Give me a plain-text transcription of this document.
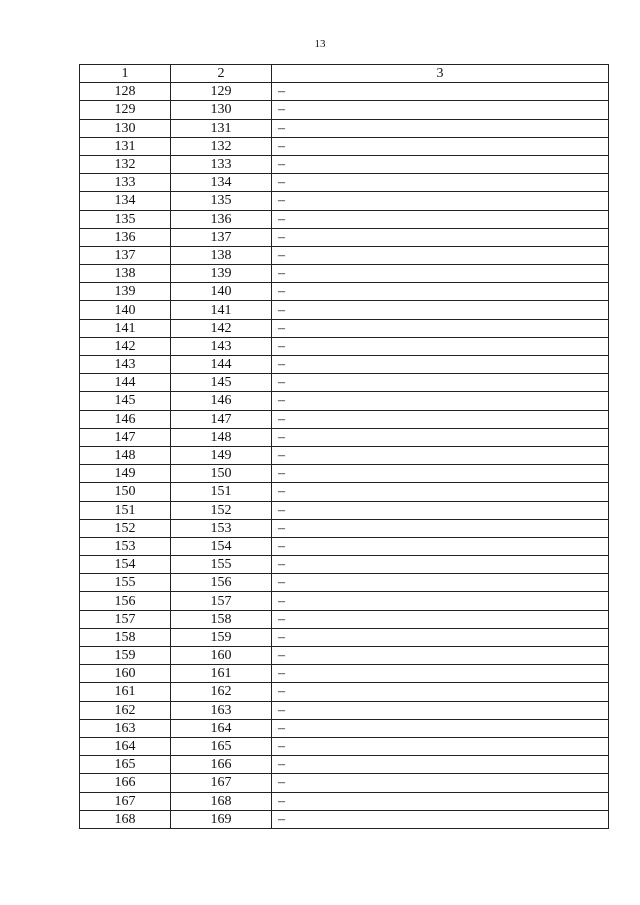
13
1	2	3
128	129	–
129	130	–
130	131	–
131	132	–
132	133	–
133	134	–
134	135	–
135	136	–
136	137	–
137	138	–
138	139	–
139	140	–
140	141	–
141	142	–
142	143	–
143	144	–
144	145	–
145	146	–
146	147	–
147	148	–
148	149	–
149	150	–
150	151	–
151	152	–
152	153	–
153	154	–
154	155	–
155	156	–
156	157	–
157	158	–
158	159	–
159	160	–
160	161	–
161	162	–
162	163	–
163	164	–
164	165	–
165	166	–
166	167	–
167	168	–
168	169	–
